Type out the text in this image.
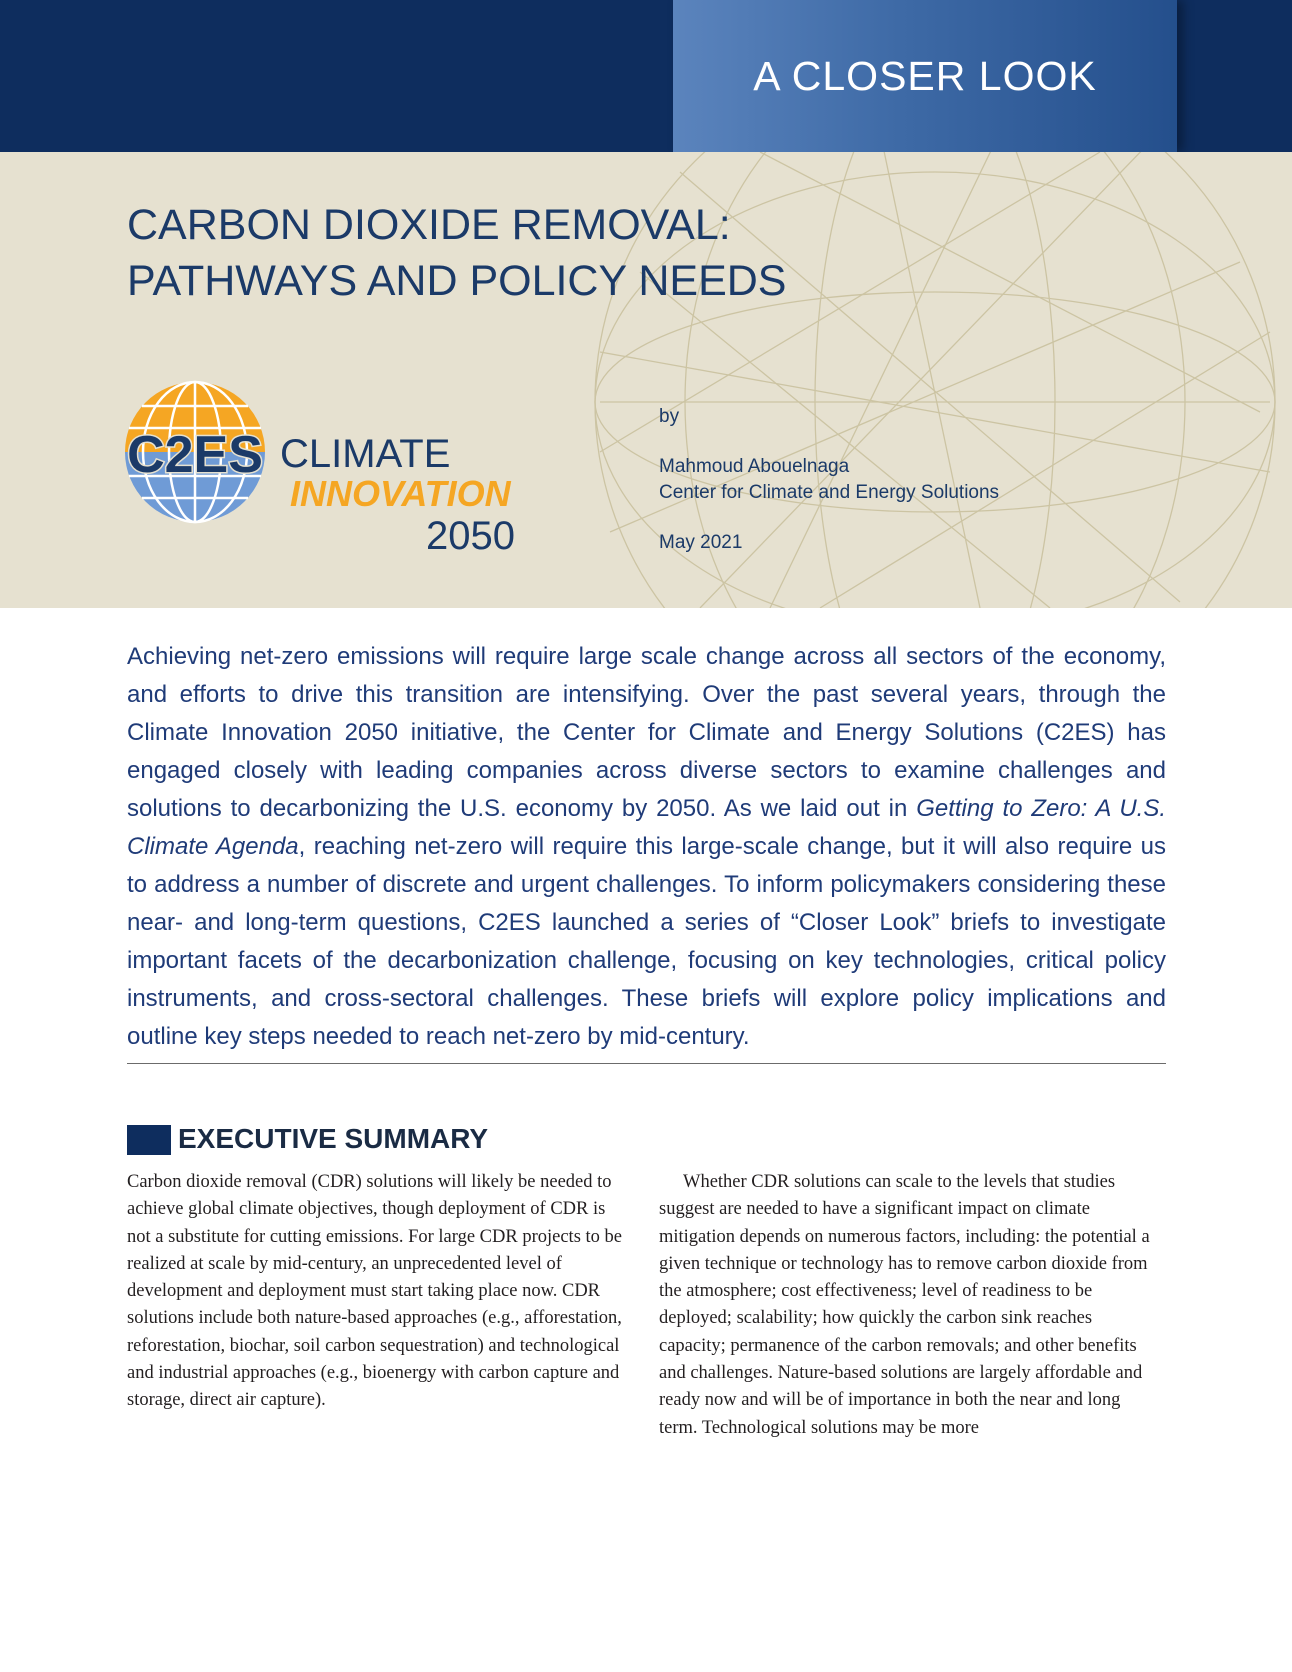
A CLOSER LOOK
CARBON DIOXIDE REMOVAL:
PATHWAYS AND POLICY NEEDS
C2ES CLIMATE
INNOVATION
2050
by
Mahmoud Abouelnaga
Center for Climate and Energy Solutions
May 2021

Achieving net-zero emissions will require large scale change across all sectors of the economy, and efforts to drive this transition are intensifying. Over the past several years, through the Climate Innovation 2050 initiative, the Center for Climate and Energy Solutions (C2ES) has engaged closely with leading companies across diverse sectors to examine challenges and solutions to decarbonizing the U.S. economy by 2050. As we laid out in Getting to Zero: A U.S. Climate Agenda, reaching net-zero will require this large-scale change, but it will also require us to address a number of discrete and urgent challenges. To inform policymakers considering these near- and long-term questions, C2ES launched a series of “Closer Look” briefs to investigate important facets of the decarbonization challenge, focusing on key technologies, critical policy instruments, and cross-sectoral challenges. These briefs will explore policy implications and outline key steps needed to reach net-zero by mid-century.

EXECUTIVE SUMMARY

Carbon dioxide removal (CDR) solutions will likely be needed to achieve global climate objectives, though deployment of CDR is not a substitute for cutting emissions. For large CDR projects to be realized at scale by mid-century, an unprecedented level of development and deployment must start taking place now. CDR solutions include both nature-based approaches (e.g., afforestation, reforestation, biochar, soil carbon sequestration) and technological and industrial approaches (e.g., bioenergy with carbon capture and storage, direct air capture).

Whether CDR solutions can scale to the levels that studies suggest are needed to have a significant impact on climate mitigation depends on numerous factors, including: the potential a given technique or technology has to remove carbon dioxide from the atmosphere; cost effectiveness; level of readiness to be deployed; scalability; how quickly the carbon sink reaches capacity; permanence of the carbon removals; and other benefits and challenges. Nature-based solutions are largely affordable and ready now and will be of importance in both the near and long term. Technological solutions may be more
